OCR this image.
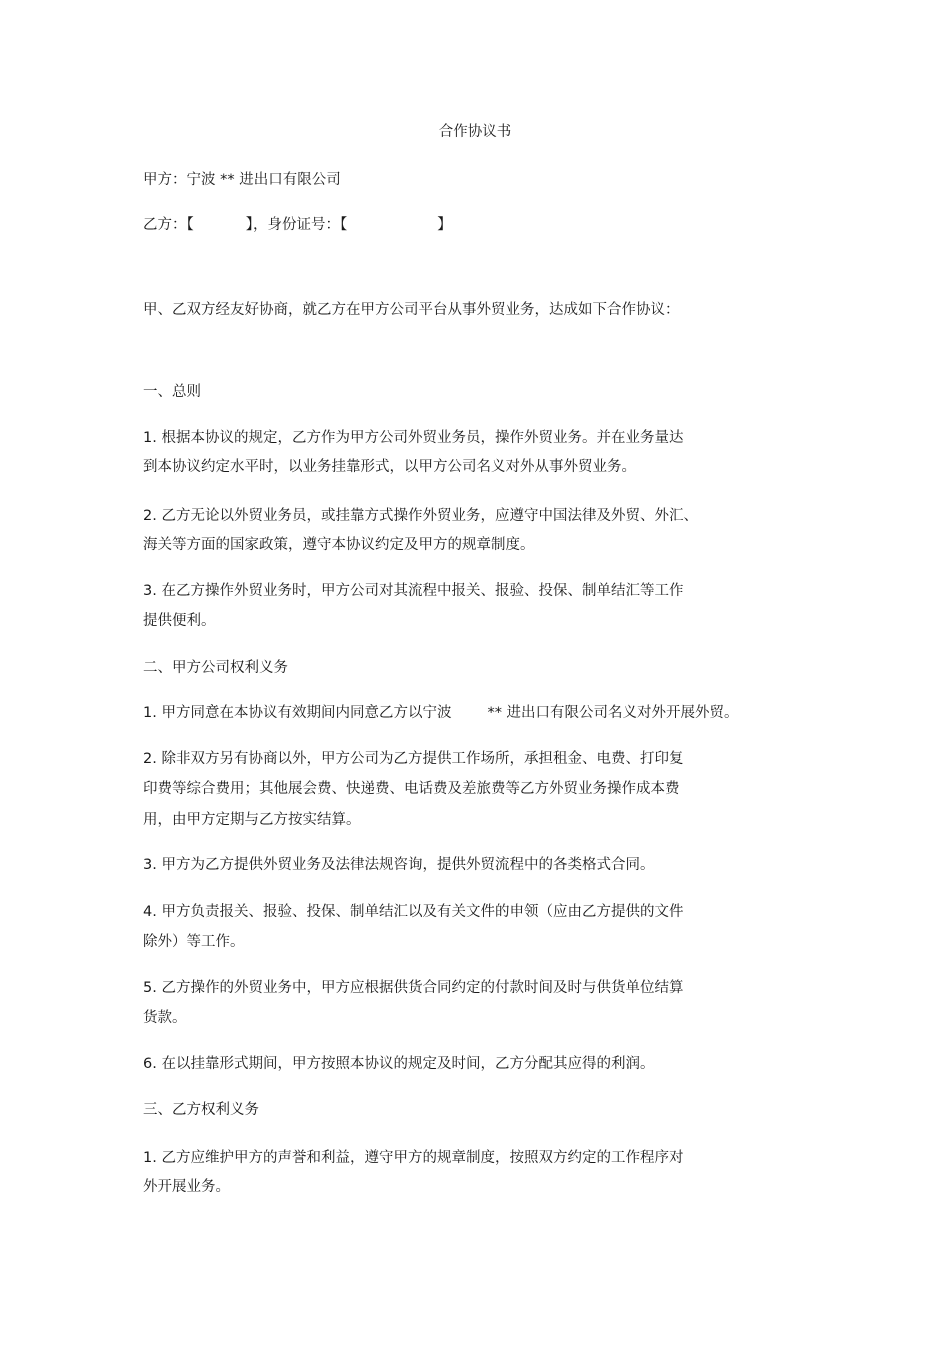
合作协议书
甲方：宁波 ** 进出口有限公司
乙方：【	】，身份证号：【	】
甲、乙双方经友好协商，就乙方在甲方公司平台从事外贸业务，达成如下合作协议：
一、总则
1. 根据本协议的规定，乙方作为甲方公司外贸业务员，操作外贸业务。并在业务量达
到本协议约定水平时，以业务挂靠形式，以甲方公司名义对外从事外贸业务。
2. 乙方无论以外贸业务员，或挂靠方式操作外贸业务，应遵守中国法律及外贸、外汇、
海关等方面的国家政策，遵守本协议约定及甲方的规章制度。
3. 在乙方操作外贸业务时，甲方公司对其流程中报关、报验、投保、制单结汇等工作
提供便利。
二、甲方公司权利义务
1. 甲方同意在本协议有效期间内同意乙方以宁波 ** 进出口有限公司名义对外开展外贸。
2. 除非双方另有协商以外，甲方公司为乙方提供工作场所，承担租金、电费、打印复
印费等综合费用；其他展会费、快递费、电话费及差旅费等乙方外贸业务操作成本费
用，由甲方定期与乙方按实结算。
3. 甲方为乙方提供外贸业务及法律法规咨询，提供外贸流程中的各类格式合同。
4. 甲方负责报关、报验、投保、制单结汇以及有关文件的申领（应由乙方提供的文件
除外）等工作。
5. 乙方操作的外贸业务中，甲方应根据供货合同约定的付款时间及时与供货单位结算
货款。
6. 在以挂靠形式期间，甲方按照本协议的规定及时间，乙方分配其应得的利润。
三、乙方权利义务
1. 乙方应维护甲方的声誉和利益，遵守甲方的规章制度，按照双方约定的工作程序对
外开展业务。
